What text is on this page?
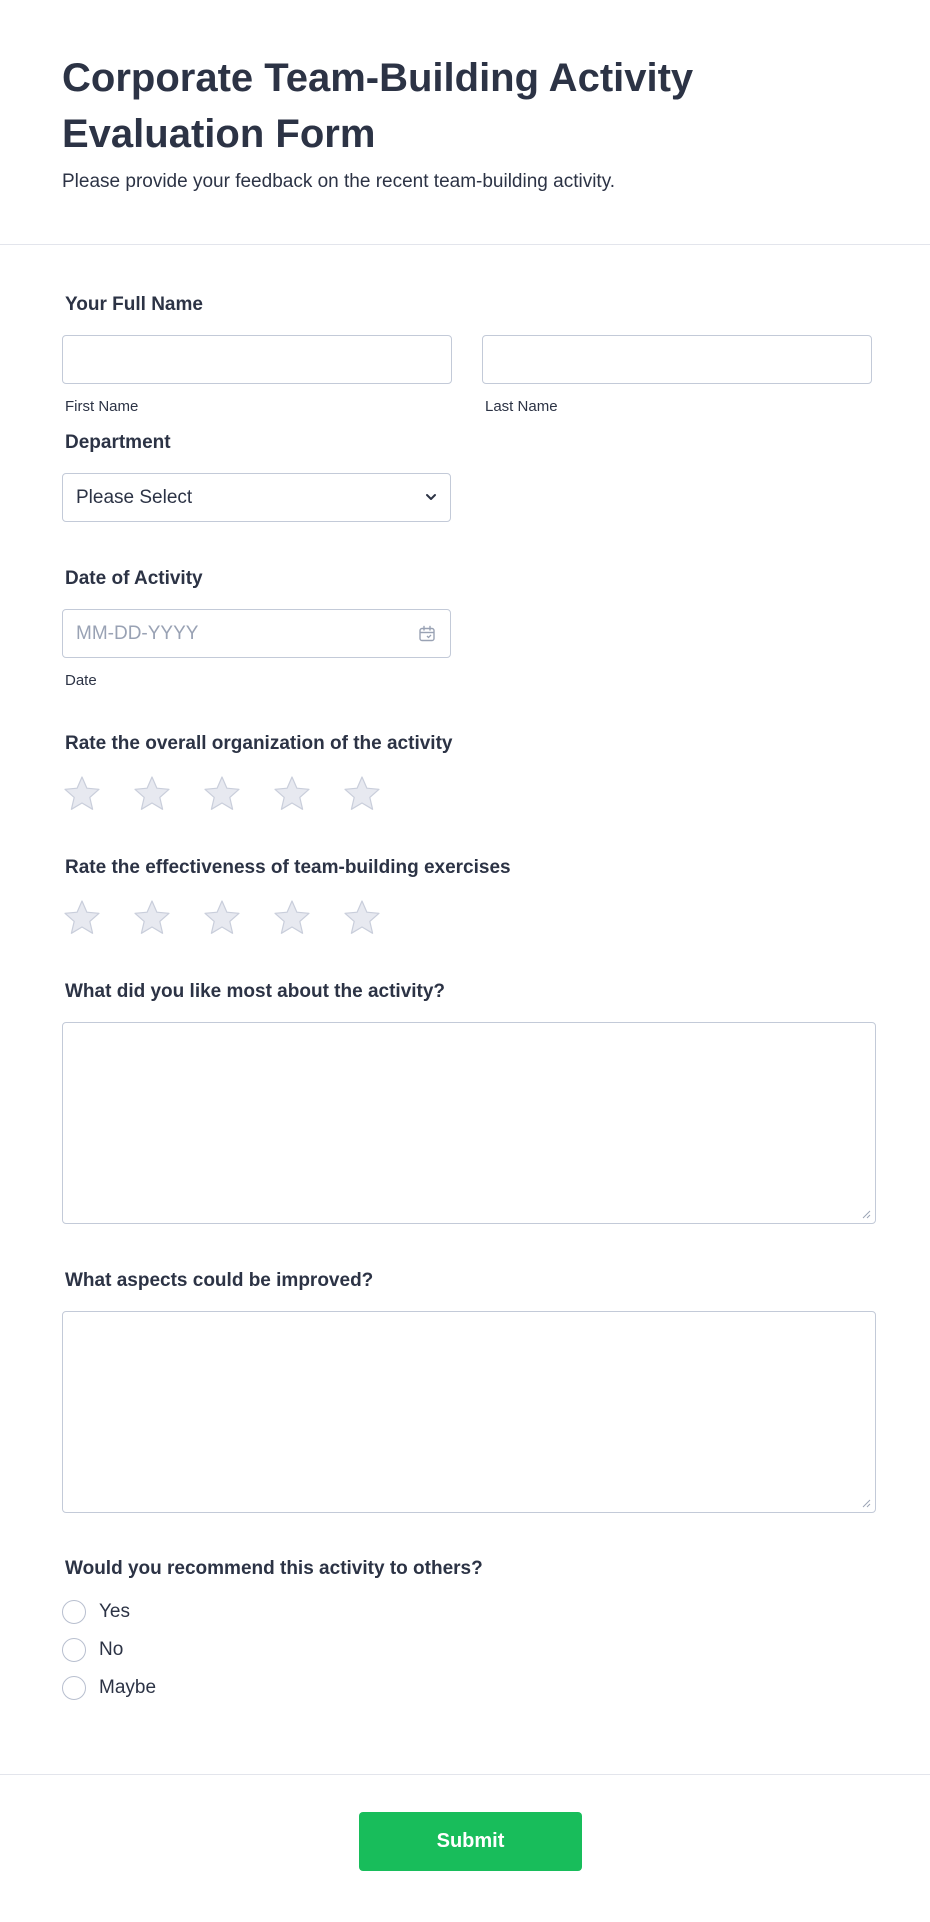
Corporate Team-Building Activity Evaluation Form

Please provide your feedback on the recent team-building activity.

Your Full Name
First Name	Last Name
Department
Please Select
Date of Activity
MM-DD-YYYY
Date
Rate the overall organization of the activity
Rate the effectiveness of team-building exercises
What did you like most about the activity?
What aspects could be improved?
Would you recommend this activity to others?
Yes
No
Maybe
Submit
